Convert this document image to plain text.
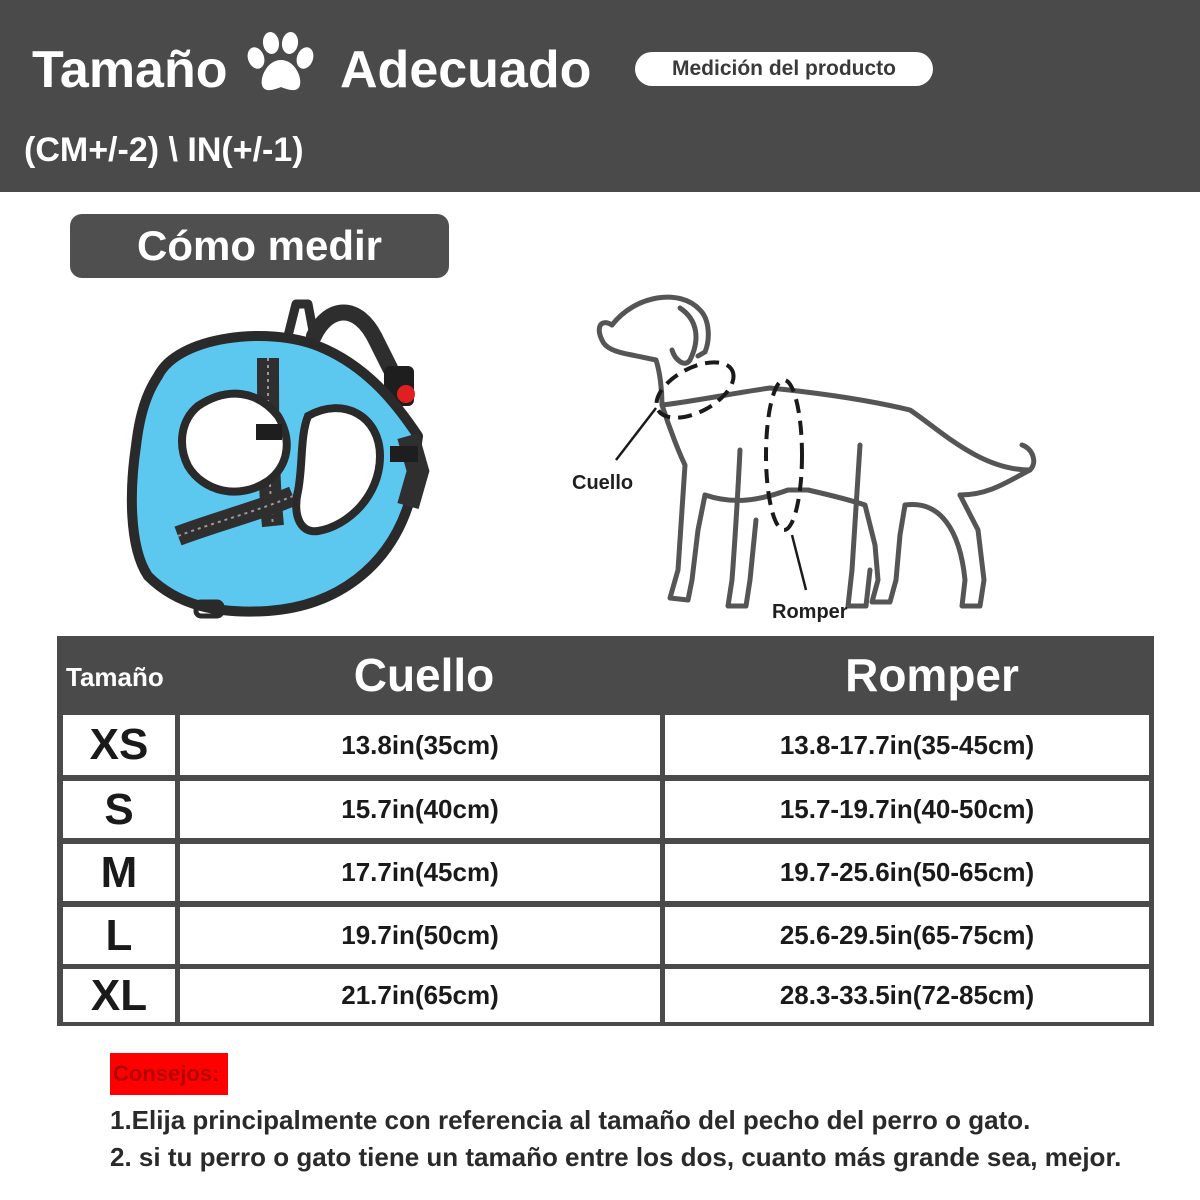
Tamaño Adecuado	Medición del producto
(CM+/-2) \ IN(+/-1)
Cómo medir
Cuello
Romper
Tamaño	Cuello	Romper
XS	13.8in(35cm)	13.8-17.7in(35-45cm)
S	15.7in(40cm)	15.7-19.7in(40-50cm)
M	17.7in(45cm)	19.7-25.6in(50-65cm)
L	19.7in(50cm)	25.6-29.5in(65-75cm)
XL	21.7in(65cm)	28.3-33.5in(72-85cm)
Consejos:
1.Elija principalmente con referencia al tamaño del pecho del perro o gato.
2. si tu perro o gato tiene un tamaño entre los dos, cuanto más grande sea, mejor.
